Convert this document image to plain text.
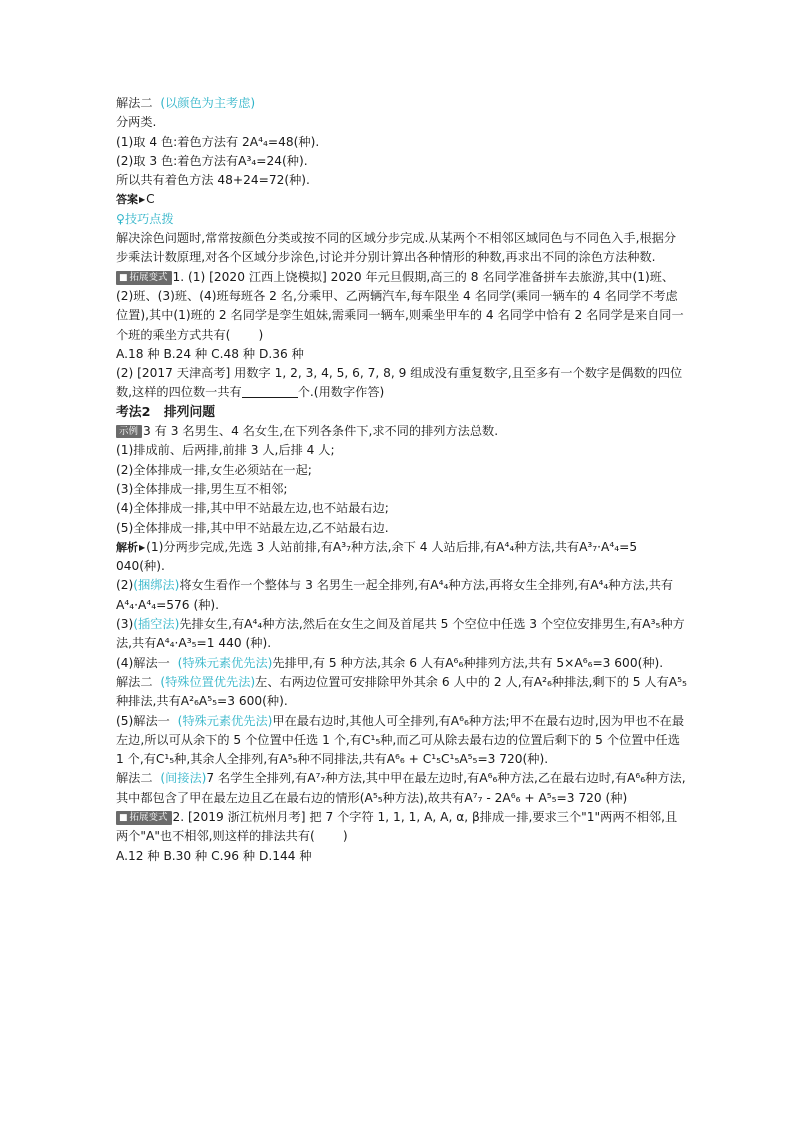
解法二 (以颜色为主考虑)
分两类.
(1)取 4 色:着色方法有 2A⁴₄=48(种).
(2)取 3 色:着色方法有A³₄=24(种).
所以共有着色方法 48+24=72(种).
答案▶C
♀技巧点拨
解决涂色问题时,常常按颜色分类或按不同的区域分步完成.从某两个不相邻区域同色与不同色入手,根据分步乘法计数原理,对各个区域分步涂色,讨论并分别计算出各种情形的种数,再求出不同的涂色方法种数.
■ 拓展变式 1. (1) [2020 江西上饶模拟] 2020 年元旦假期,高三的 8 名同学准备拼车去旅游,其中(1)班、(2)班、(3)班、(4)班每班各 2 名,分乘甲、乙两辆汽车,每车限坐 4 名同学(乘同一辆车的 4 名同学不考虑位置),其中(1)班的 2 名同学是孪生姐妹,需乘同一辆车,则乘坐甲车的 4 名同学中恰有 2 名同学是来自同一个班的乘坐方式共有( )
A.18 种 B.24 种 C.48 种 D.36 种
(2) [2017 天津高考] 用数字 1, 2, 3, 4, 5, 6, 7, 8, 9 组成没有重复数字,且至多有一个数字是偶数的四位数,这样的四位数一共有	个.(用数字作答)
考法2 排列问题
示例 3 有 3 名男生、4 名女生,在下列各条件下,求不同的排列方法总数.
(1)排成前、后两排,前排 3 人,后排 4 人;
(2)全体排成一排,女生必须站在一起;
(3)全体排成一排,男生互不相邻;
(4)全体排成一排,其中甲不站最左边,也不站最右边;
(5)全体排成一排,其中甲不站最左边,乙不站最右边.
解析▶(1)分两步完成,先选 3 人站前排,有A³₇种方法,余下 4 人站后排,有A⁴₄种方法,共有A³₇·A⁴₄=5 040(种).
(2)(捆绑法)将女生看作一个整体与 3 名男生一起全排列,有A⁴₄种方法,再将女生全排列,有A⁴₄种方法,共有A⁴₄·A⁴₄=576 (种).
(3)(插空法)先排女生,有A⁴₄种方法,然后在女生之间及首尾共 5 个空位中任选 3 个空位安排男生,有A³₅种方法,共有A⁴₄·A³₅=1 440 (种).
(4)解法一 (特殊元素优先法)先排甲,有 5 种方法,其余 6 人有A⁶₆种排列方法,共有 5×A⁶₆=3 600(种).
解法二 (特殊位置优先法)左、右两边位置可安排除甲外其余 6 人中的 2 人,有A²₆种排法,剩下的 5 人有A⁵₅种排法,共有A²₆A⁵₅=3 600(种).
(5)解法一 (特殊元素优先法)甲在最右边时,其他人可全排列,有A⁶₆种方法;甲不在最右边时,因为甲也不在最左边,所以可从余下的 5 个位置中任选 1 个,有C¹₅种,而乙可从除去最右边的位置后剩下的 5 个位置中任选 1 个,有C¹₅种,其余人全排列,有A⁵₅种不同排法,共有A⁶₆ + C¹₅C¹₅A⁵₅=3 720(种).
解法二 (间接法)7 名学生全排列,有A⁷₇种方法,其中甲在最左边时,有A⁶₆种方法,乙在最右边时,有A⁶₆种方法,其中都包含了甲在最左边且乙在最右边的情形(A⁵₅种方法),故共有A⁷₇ - 2A⁶₆ + A⁵₅=3 720 (种)
■ 拓展变式 2. [2019 浙江杭州月考] 把 7 个字符 1, 1, 1, A, A, α, β排成一排,要求三个"1"两两不相邻,且两个"A"也不相邻,则这样的排法共有( )
A.12 种 B.30 种 C.96 种 D.144 种
